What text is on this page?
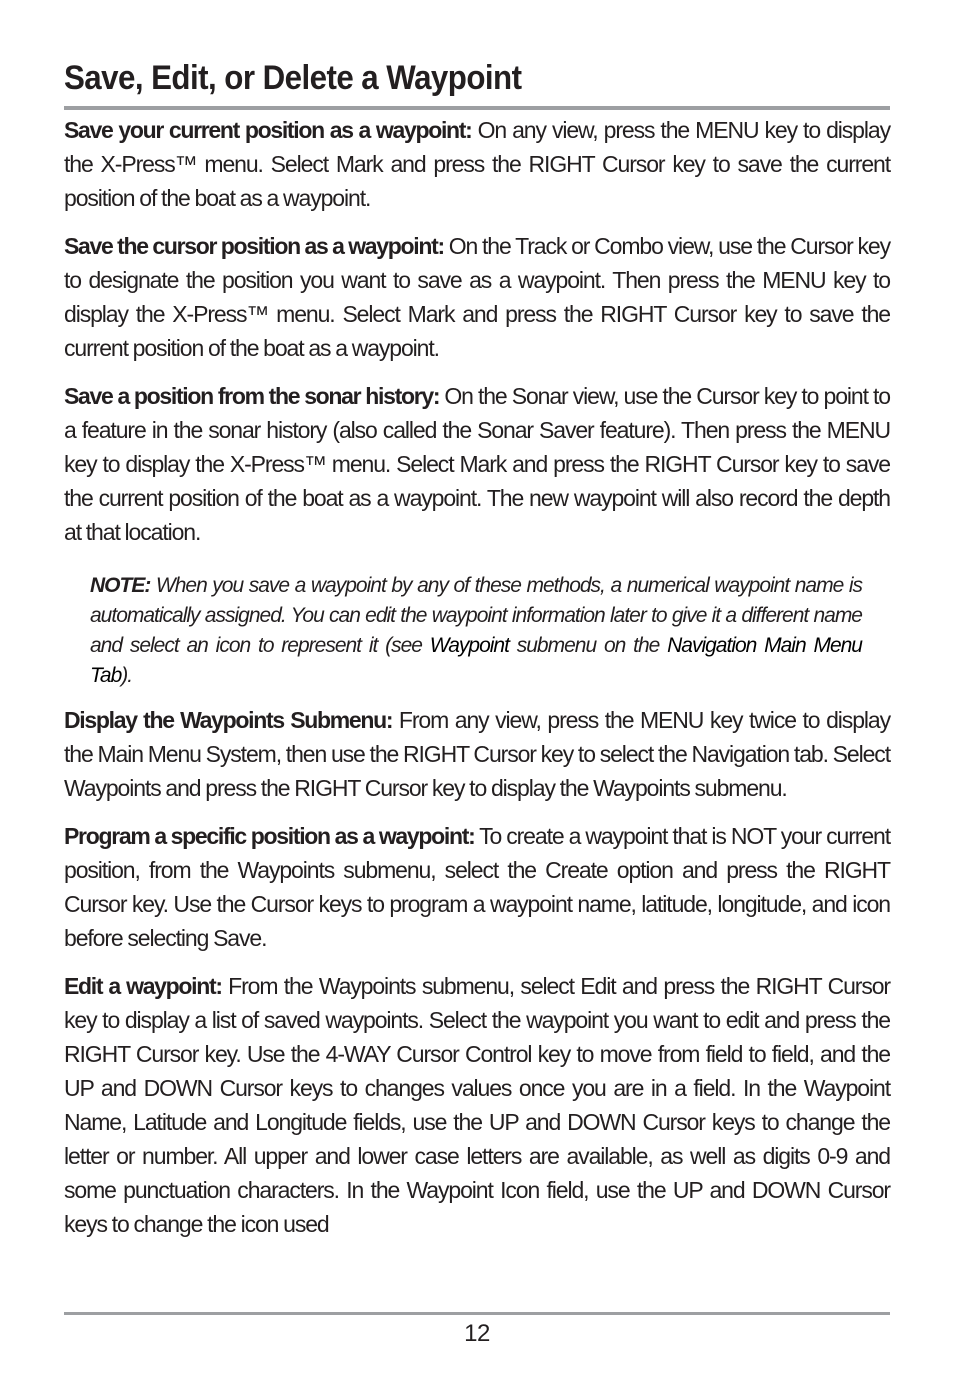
Save, Edit, or Delete a Waypoint

Save your current position as a waypoint: On any view, press the MENU key to display the X-Press™ menu. Select Mark and press the RIGHT Cursor key to save the current position of the boat as a waypoint.

Save the cursor position as a waypoint: On the Track or Combo view, use the Cursor key to designate the position you want to save as a waypoint. Then press the MENU key to display the X-Press™ menu. Select Mark and press the RIGHT Cursor key to save the current position of the boat as a waypoint.

Save a position from the sonar history: On the Sonar view, use the Cursor key to point to a feature in the sonar history (also called the Sonar Saver feature). Then press the MENU key to display the X-Press™ menu. Select Mark and press the RIGHT Cursor key to save the current position of the boat as a waypoint. The new waypoint will also record the depth at that location.

NOTE: When you save a waypoint by any of these methods, a numerical waypoint name is automatically assigned. You can edit the waypoint information later to give it a different name and select an icon to represent it (see Waypoint submenu on the Navigation Main Menu Tab).

Display the Waypoints Submenu: From any view, press the MENU key twice to display the Main Menu System, then use the RIGHT Cursor key to select the Navigation tab. Select Waypoints and press the RIGHT Cursor key to display the Waypoints submenu.

Program a specific position as a waypoint: To create a waypoint that is NOT your current position, from the Waypoints submenu, select the Create option and press the RIGHT Cursor key. Use the Cursor keys to program a waypoint name, latitude, longitude, and icon before selecting Save.

Edit a waypoint: From the Waypoints submenu, select Edit and press the RIGHT Cursor key to display a list of saved waypoints. Select the waypoint you want to edit and press the RIGHT Cursor key. Use the 4-WAY Cursor Control key to move from field to field, and the UP and DOWN Cursor keys to changes values once you are in a field. In the Waypoint Name, Latitude and Longitude fields, use the UP and DOWN Cursor keys to change the letter or number. All upper and lower case letters are available, as well as digits 0-9 and some punctuation characters. In the Waypoint Icon field, use the UP and DOWN Cursor keys to change the icon used

12
